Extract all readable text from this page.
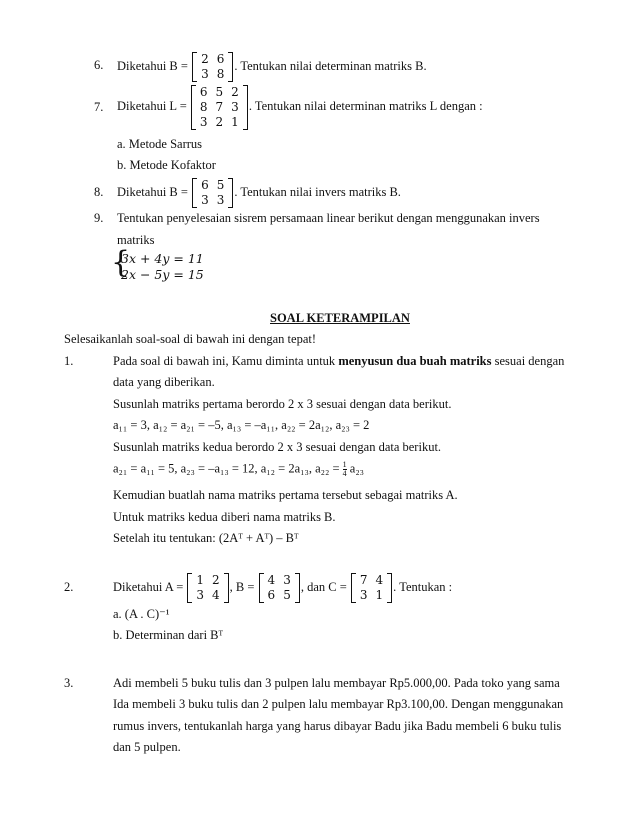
6. Diketahui B = 2	6
3	8
. Tentukan nilai determinan matriks B.
7. Diketahui L =
6	5	2
8	7	3
3	2	1
. Tentukan nilai determinan matriks L dengan :
a. Metode Sarrus
b. Metode Kofaktor
8. Diketahui B = 6	5
3	3
. Tentukan nilai invers matriks B.
9. Tentukan penyelesaian sisrem persamaan linear berikut dengan menggunakan invers
matriks
{
3𝑥 + 4𝑦 = 11
2𝑥 − 5𝑦 = 15
SOAL KETERAMPILAN
Selesaikanlah soal-soal di bawah ini dengan tepat!
1.	Pada soal di bawah ini, Kamu diminta untuk menyusun dua buah matriks sesuai dengan
data yang diberikan.
Susunlah matriks pertama berordo 2 x 3 sesuai dengan data berikut.
a₁₁ = 3, a₁₂ = a₂₁ = –5, a₁₃ = –a₁₁, a₂₂ = 2a₁₂, a₂₃ = 2
Susunlah matriks kedua berordo 2 x 3 sesuai dengan data berikut.
a₂₁ = a₁₁ = 5, a₂₃ = –a₁₃ = 12, a₁₂ = 2a₁₃, $a_{22} = \frac{1}{4} a_{23}$
Kemudian buatlah nama matriks pertama tersebut sebagai matriks A.
Untuk matriks kedua diberi nama matriks B.
Setelah itu tentukan: (2Aᵀ + Aᵀ) – Bᵀ
2.	Diketahui A = 1	2
3	4
, B = 4	3
6	5
, dan C = 7	4
3	1
. Tentukan :
a. (A . C)⁻¹
b. Determinan dari Bᵀ
3.	Adi membeli 5 buku tulis dan 3 pulpen lalu membayar Rp5.000,00. Pada toko yang sama
Ida membeli 3 buku tulis dan 2 pulpen lalu membayar Rp3.100,00. Dengan menggunakan
rumus invers, tentukanlah harga yang harus dibayar Badu jika Badu membeli 6 buku tulis
dan 5 pulpen.
